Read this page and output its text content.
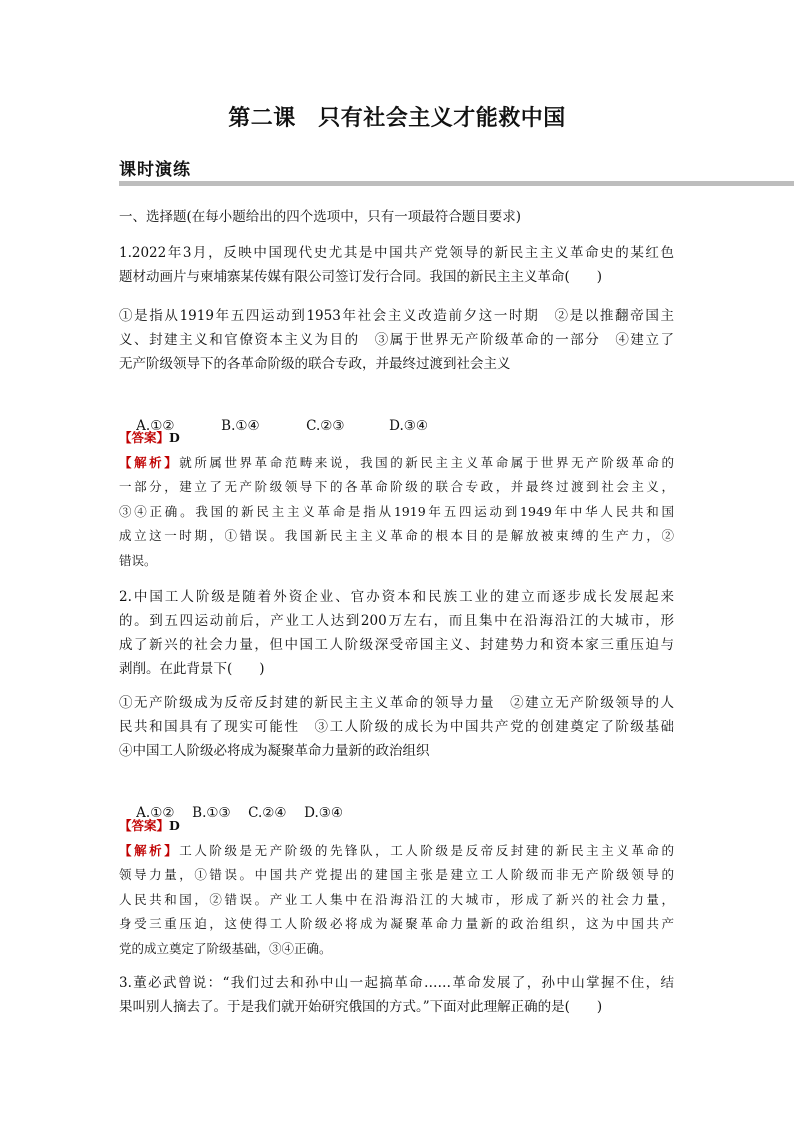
第二课　只有社会主义才能救中国
课时演练
一、选择题(在每小题给出的四个选项中，只有一项最符合题目要求)
1.2022年3月，反映中国现代史尤其是中国共产党领导的新民主主义革命史的某红色
题材动画片与柬埔寨某传媒有限公司签订发行合同。我国的新民主主义革命(　　)
①是指从1919年五四运动到1953年社会主义改造前夕这一时期　②是以推翻帝国主
义、封建主义和官僚资本主义为目的　③属于世界无产阶级革命的一部分　④建立了
无产阶级领导下的各革命阶级的联合专政，并最终过渡到社会主义

A.①②	B.①④	C.②③	D.③④

【答案】D
【解析】就所属世界革命范畴来说，我国的新民主主义革命属于世界无产阶级革命的
一部分，建立了无产阶级领导下的各革命阶级的联合专政，并最终过渡到社会主义，
③④正确。我国的新民主主义革命是指从1919年五四运动到1949年中华人民共和国
成立这一时期，①错误。我国新民主主义革命的根本目的是解放被束缚的生产力，②
错误。
2.中国工人阶级是随着外资企业、官办资本和民族工业的建立而逐步成长发展起来
的。到五四运动前后，产业工人达到200万左右，而且集中在沿海沿江的大城市，形
成了新兴的社会力量，但中国工人阶级深受帝国主义、封建势力和资本家三重压迫与
剥削。在此背景下(　　)
①无产阶级成为反帝反封建的新民主主义革命的领导力量　②建立无产阶级领导的人
民共和国具有了现实可能性　③工人阶级的成长为中国共产党的创建奠定了阶级基础
④中国工人阶级必将成为凝聚革命力量新的政治组织

A.①② B.①③ C.②④ D.③④

【答案】D
【解析】工人阶级是无产阶级的先锋队，工人阶级是反帝反封建的新民主主义革命的
领导力量，①错误。中国共产党提出的建国主张是建立工人阶级而非无产阶级领导的
人民共和国，②错误。产业工人集中在沿海沿江的大城市，形成了新兴的社会力量，
身受三重压迫，这使得工人阶级必将成为凝聚革命力量新的政治组织，这为中国共产
党的成立奠定了阶级基础，③④正确。
3.董必武曾说：“我们过去和孙中山一起搞革命……革命发展了，孙中山掌握不住，结
果叫别人摘去了。于是我们就开始研究俄国的方式。”下面对此理解正确的是(　　)
